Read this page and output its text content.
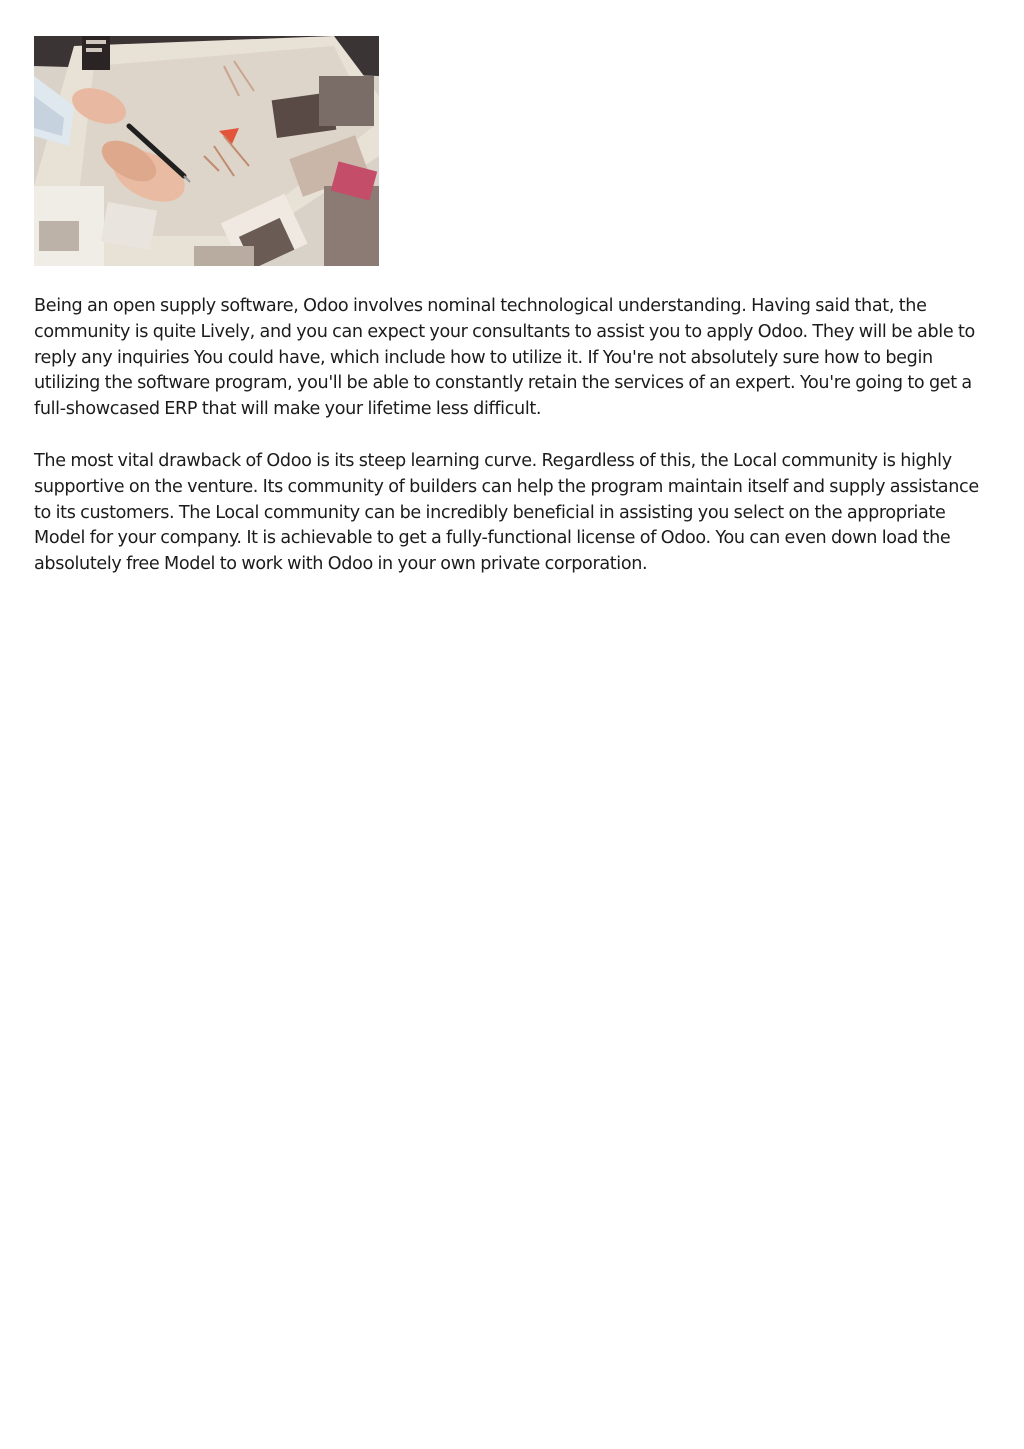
Being an open supply software, Odoo involves nominal technological understanding. Having said that, the community is quite Lively, and you can expect your consultants to assist you to apply Odoo. They will be able to reply any inquiries You could have, which include how to utilize it. If You're not absolutely sure how to begin utilizing the software program, you'll be able to constantly retain the services of an expert. You're going to get a full-showcased ERP that will make your lifetime less difficult.

The most vital drawback of Odoo is its steep learning curve. Regardless of this, the Local community is highly supportive on the venture. Its community of builders can help the program maintain itself and supply assistance to its customers. The Local community can be incredibly beneficial in assisting you select on the appropriate Model for your company. It is achievable to get a fully-functional license of Odoo. You can even down load the absolutely free Model to work with Odoo in your own private corporation.
